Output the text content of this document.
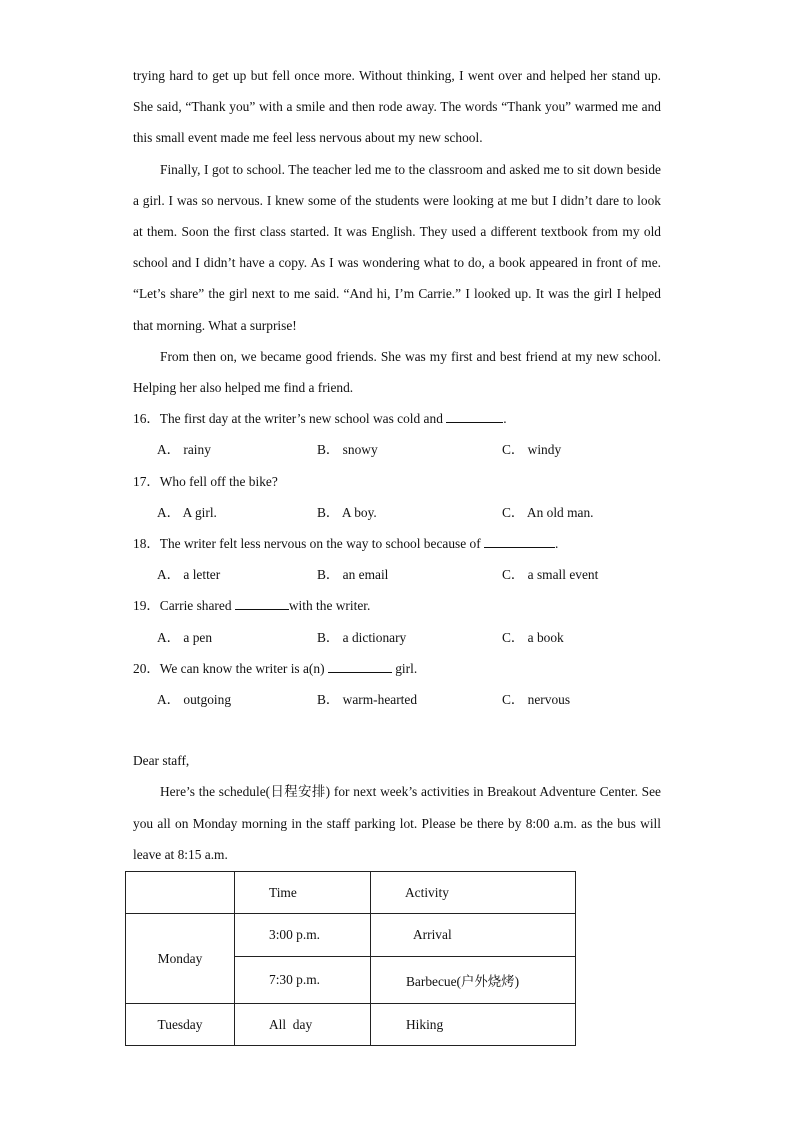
trying hard to get up but fell once more. Without thinking, I went over and helped her stand up. She said, “Thank you” with a smile and then rode away. The words “Thank you” warmed me and this small event made me feel less nervous about my new school.

Finally, I got to school. The teacher led me to the classroom and asked me to sit down beside a girl. I was so nervous. I knew some of the students were looking at me but I didn’t dare to look at them. Soon the first class started. It was English. They used a different textbook from my old school and I didn’t have a copy. As I was wondering what to do, a book appeared in front of me. “Let’s share” the girl next to me said. “And hi, I’m Carrie.” I looked up. It was the girl I helped that morning. What a surprise!

From then on, we became good friends. She was my first and best friend at my new school. Helping her also helped me find a friend.

16．The first day at the writer’s new school was cold and	.

A． rainy	B． snowy	C． windy

17．Who fell off the bike?

A． A girl.	B． A boy.	C． An old man.

18．The writer felt less nervous on the way to school because of	.

A． a letter	B． an email	C． a small event

19．Carrie shared	with the writer.

A． a pen	B． a dictionary	C． a book

20．We can know the writer is a(n)	girl.

A． outgoing	B． warm-hearted	C． nervous

Dear staff,

Here’s the schedule(日程安排) for next week’s activities in Breakout Adventure Center. See you all on Monday morning in the staff parking lot. Please be there by 8:00 a.m. as the bus will leave at 8:15 a.m.

	Time	Activity
Monday	3:00 p.m.	Arrival
	7:30 p.m.	Barbecue(户外烧烤)
Tuesday	All  day	Hiking
